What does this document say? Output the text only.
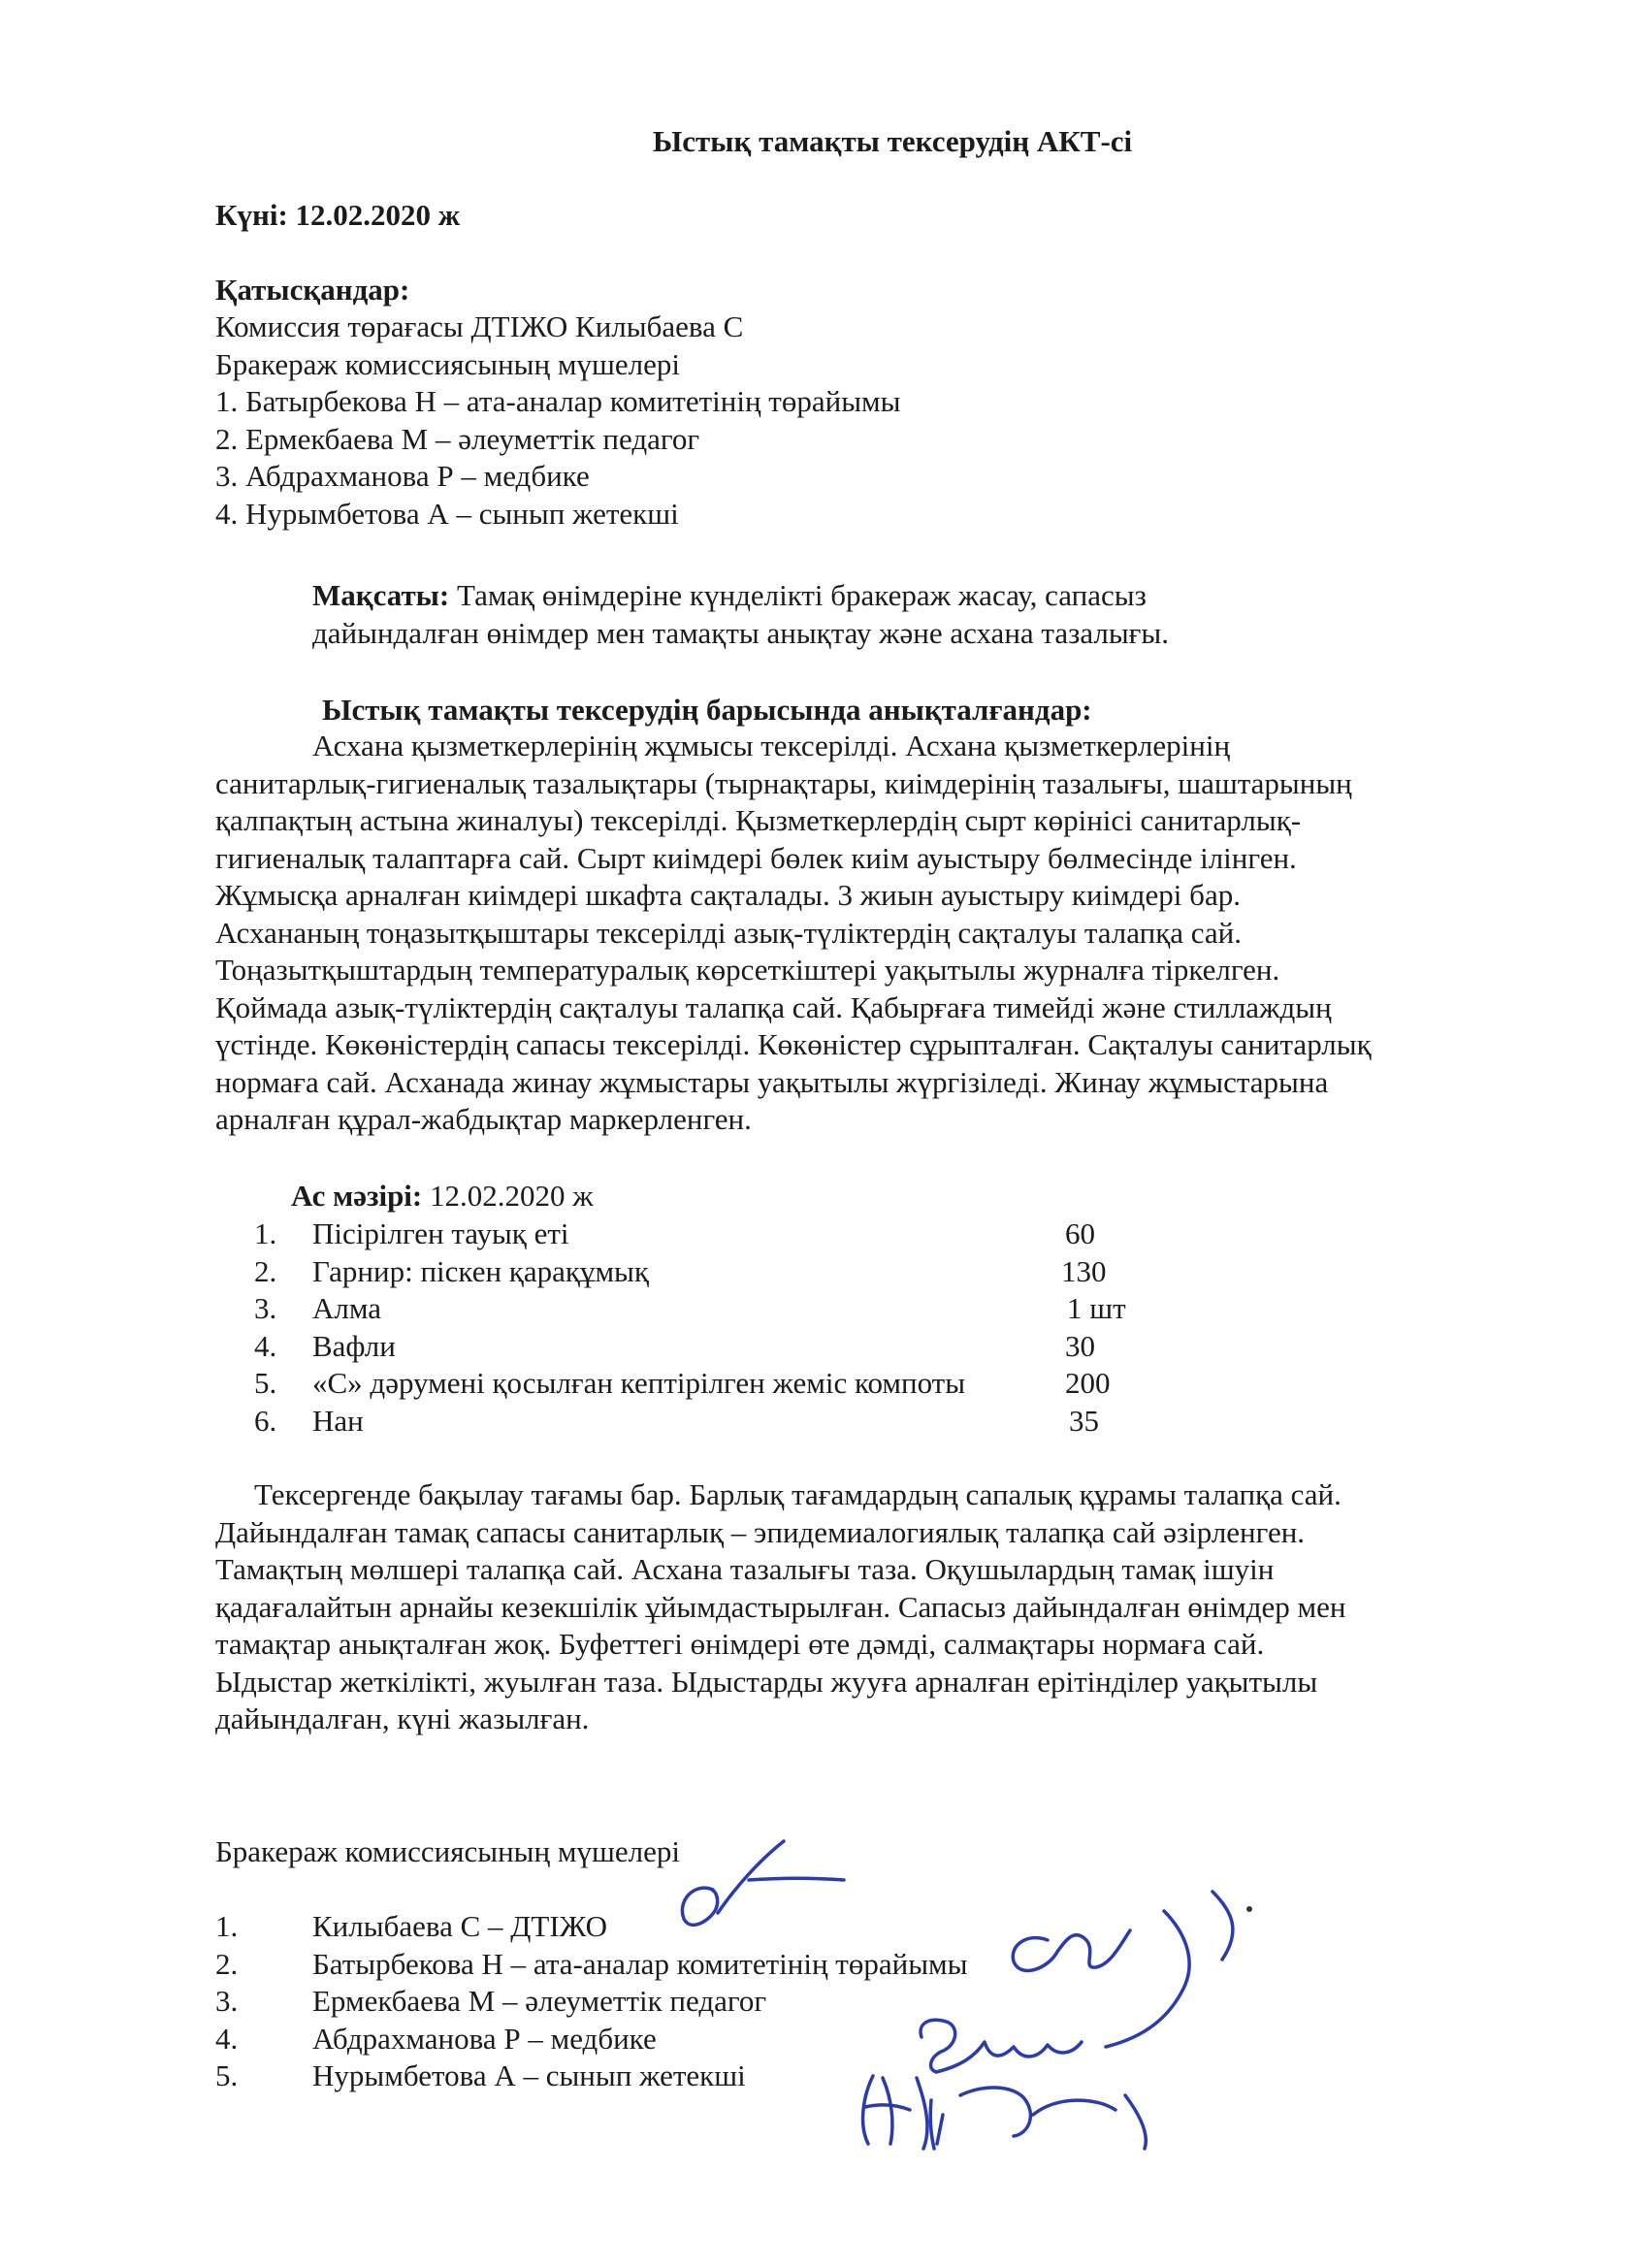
Ыстық тамақты тексерудің АКТ-сі
Күні: 12.02.2020 ж
Қатысқандар:
Комиссия төрағасы ДТІЖО Килыбаева С
Бракераж комиссиясының мүшелері
1. Батырбекова Н – ата-аналар комитетінің төрайымы
2. Ермекбаева М – әлеуметтік педагог
3. Абдрахманова Р – медбике
4. Нурымбетова А – сынып жетекші
Мақсаты: Тамақ өнімдеріне күнделікті бракераж жасау, сапасыз
дайындалған өнімдер мен тамақты анықтау және асхана тазалығы.
Ыстық тамақты тексерудің барысында анықталғандар:
Асхана қызметкерлерінің жұмысы тексерілді. Асхана қызметкерлерінің
санитарлық-гигиеналық тазалықтары (тырнақтары, киімдерінің тазалығы, шаштарының
қалпақтың астына жиналуы) тексерілді. Қызметкерлердің сырт көрінісі санитарлық-
гигиеналық талаптарға сай. Сырт киімдері бөлек киім ауыстыру бөлмесінде ілінген.
Жұмысқа арналған киімдері шкафта сақталады. 3 жиын ауыстыру киімдері бар.
Асхананың тоңазытқыштары тексерілді азық-түліктердің сақталуы талапқа сай.
Тоңазытқыштардың температуралық көрсеткіштері уақытылы журналға тіркелген.
Қоймада азық-түліктердің сақталуы талапқа сай. Қабырғаға тимейді және стиллаждың
үстінде. Көкөністердің сапасы тексерілді. Көкөністер сұрыпталған. Сақталуы санитарлық
нормаға сай. Асханада жинау жұмыстары уақытылы жүргізіледі. Жинау жұмыстарына
арналған құрал-жабдықтар маркерленген.
Ас мәзірі: 12.02.2020 ж
1. Пісірілген тауық еті	60
2. Гарнир: піскен қарақұмық	130
3. Алма	1 шт
4. Вафли	30
5. «С» дәрумені қосылған кептірілген жеміс компоты	200
6. Нан	35
Тексергенде бақылау тағамы бар. Барлық тағамдардың сапалық құрамы талапқа сай.
Дайындалған тамақ сапасы санитарлық – эпидемиалогиялық талапқа сай әзірленген.
Тамақтың мөлшері талапқа сай. Асхана тазалығы таза. Оқушылардың тамақ ішуін
қадағалайтын арнайы кезекшілік ұйымдастырылған. Сапасыз дайындалған өнімдер мен
тамақтар анықталған жоқ. Буфеттегі өнімдері өте дәмді, салмақтары нормаға сай.
Ыдыстар жеткілікті, жуылған таза. Ыдыстарды жууға арналған ерітінділер уақытылы
дайындалған, күні жазылған.
Бракераж комиссиясының мүшелері
1. Килыбаева С – ДТІЖО
2. Батырбекова Н – ата-аналар комитетінің төрайымы
3. Ермекбаева М – әлеуметтік педагог
4. Абдрахманова Р – медбике
5. Нурымбетова А – сынып жетекші
